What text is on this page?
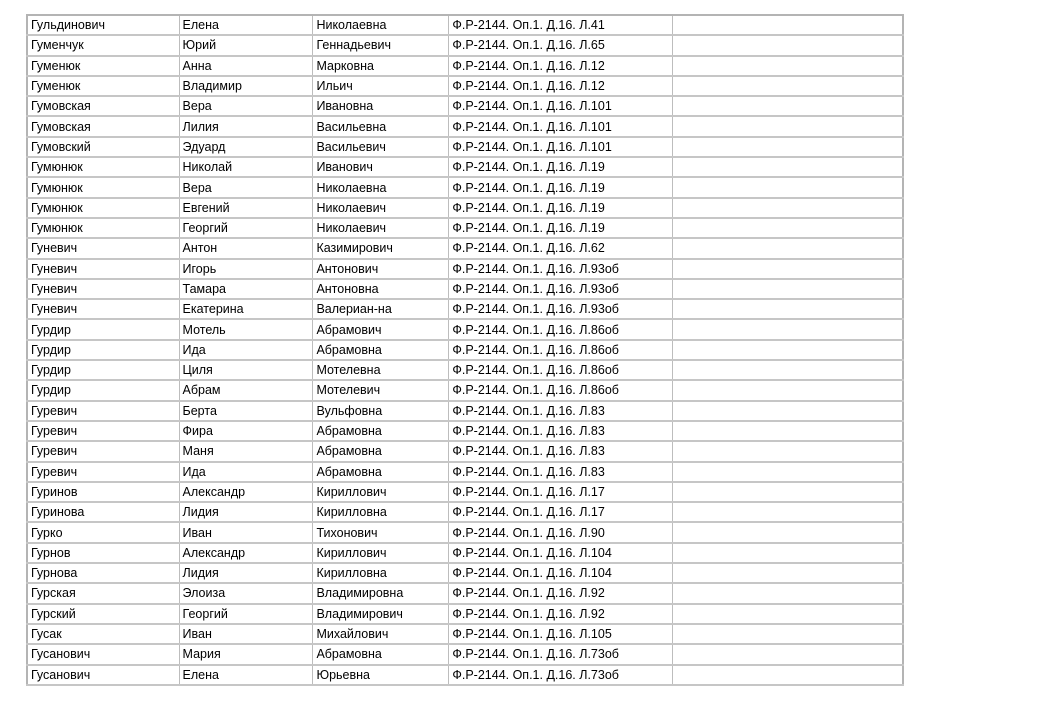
Гульдинович	Елена	Николаевна	Ф.Р-2144. Оп.1. Д.16. Л.41	
Гуменчук	Юрий	Геннадьевич	Ф.Р-2144. Оп.1. Д.16. Л.65	
Гуменюк	Анна	Марковна	Ф.Р-2144. Оп.1. Д.16. Л.12	
Гуменюк	Владимир	Ильич	Ф.Р-2144. Оп.1. Д.16. Л.12	
Гумовская	Вера	Ивановна	Ф.Р-2144. Оп.1. Д.16. Л.101	
Гумовская	Лилия	Васильевна	Ф.Р-2144. Оп.1. Д.16. Л.101	
Гумовский	Эдуард	Васильевич	Ф.Р-2144. Оп.1. Д.16. Л.101	
Гумюнюк	Николай	Иванович	Ф.Р-2144. Оп.1. Д.16. Л.19	
Гумюнюк	Вера	Николаевна	Ф.Р-2144. Оп.1. Д.16. Л.19	
Гумюнюк	Евгений	Николаевич	Ф.Р-2144. Оп.1. Д.16. Л.19	
Гумюнюк	Георгий	Николаевич	Ф.Р-2144. Оп.1. Д.16. Л.19	
Гуневич	Антон	Казимирович	Ф.Р-2144. Оп.1. Д.16. Л.62	
Гуневич	Игорь	Антонович	Ф.Р-2144. Оп.1. Д.16. Л.93об	
Гуневич	Тамара	Антоновна	Ф.Р-2144. Оп.1. Д.16. Л.93об	
Гуневич	Екатерина	Валериан-на	Ф.Р-2144. Оп.1. Д.16. Л.93об	
Гурдир	Мотель	Абрамович	Ф.Р-2144. Оп.1. Д.16. Л.86об	
Гурдир	Ида	Абрамовна	Ф.Р-2144. Оп.1. Д.16. Л.86об	
Гурдир	Циля	Мотелевна	Ф.Р-2144. Оп.1. Д.16. Л.86об	
Гурдир	Абрам	Мотелевич	Ф.Р-2144. Оп.1. Д.16. Л.86об	
Гуревич	Берта	Вульфовна	Ф.Р-2144. Оп.1. Д.16. Л.83	
Гуревич	Фира	Абрамовна	Ф.Р-2144. Оп.1. Д.16. Л.83	
Гуревич	Маня	Абрамовна	Ф.Р-2144. Оп.1. Д.16. Л.83	
Гуревич	Ида	Абрамовна	Ф.Р-2144. Оп.1. Д.16. Л.83	
Гуринов	Александр	Кириллович	Ф.Р-2144. Оп.1. Д.16. Л.17	
Гуринова	Лидия	Кирилловна	Ф.Р-2144. Оп.1. Д.16. Л.17	
Гурко	Иван	Тихонович	Ф.Р-2144. Оп.1. Д.16. Л.90	
Гурнов	Александр	Кириллович	Ф.Р-2144. Оп.1. Д.16. Л.104	
Гурнова	Лидия	Кирилловна	Ф.Р-2144. Оп.1. Д.16. Л.104	
Гурская	Элоиза	Владимировна	Ф.Р-2144. Оп.1. Д.16. Л.92	
Гурский	Георгий	Владимирович	Ф.Р-2144. Оп.1. Д.16. Л.92	
Гусак	Иван	Михайлович	Ф.Р-2144. Оп.1. Д.16. Л.105	
Гусанович	Мария	Абрамовна	Ф.Р-2144. Оп.1. Д.16. Л.73об	
Гусанович	Елена	Юрьевна	Ф.Р-2144. Оп.1. Д.16. Л.73об	
